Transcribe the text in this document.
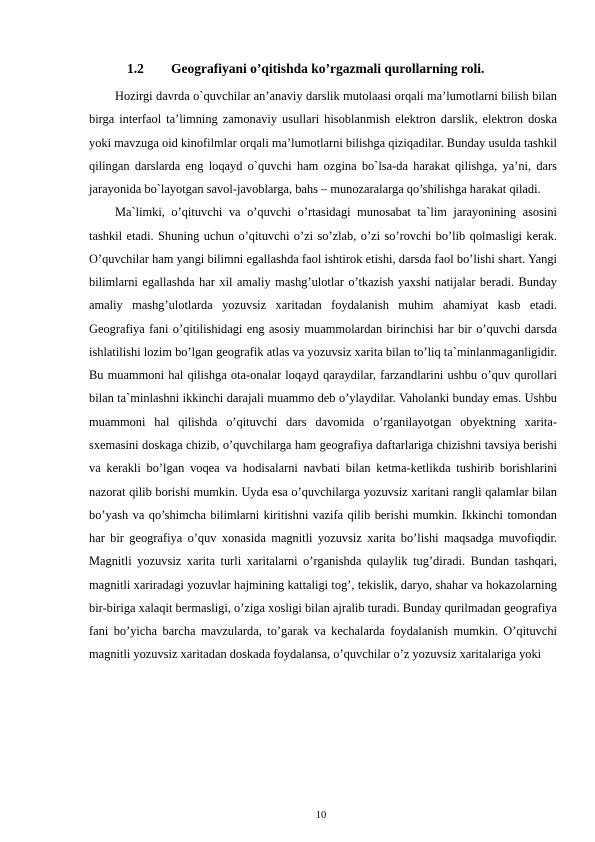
1.2 Geografiyani o’qitishda ko’rgazmali qurollarning roli.

Hozirgi davrda o`quvchilar an’anaviy darslik mutolaasi orqali ma’lumotlarni bilish bilan birga interfaol ta’limning zamonaviy usullari hisoblanmish elektron darslik, elektron doska yoki mavzuga oid kinofilmlar orqali ma’lumotlarni bilishga qiziqadilar. Bunday usulda tashkil qilingan darslarda eng loqayd o`quvchi ham ozgina bo`lsa-da harakat qilishga, ya’ni, dars jarayonida bo`layotgan savol-javoblarga, bahs – munozaralarga qo’shilishga harakat qiladi.

Ma`limki, o’qituvchi va o’quvchi o’rtasidagi munosabat ta`lim jarayonining asosini tashkil etadi. Shuning uchun o’qituvchi o’zi so’zlab, o’zi so’rovchi bo’lib qolmasligi kerak. O’quvchilar ham yangi bilimni egallashda faol ishtirok etishi, darsda faol bo’lishi shart. Yangi bilimlarni egallashda har xil amaliy mashg’ulotlar o’tkazish yaxshi natijalar beradi. Bunday amaliy mashg’ulotlarda yozuvsiz xaritadan foydalanish muhim ahamiyat kasb etadi. Geografiya fani o’qitilishidagi eng asosiy muammolardan birinchisi har bir o’quvchi darsda ishlatilishi lozim bo’lgan geografik atlas va yozuvsiz xarita bilan to’liq ta`minlanmaganligidir. Bu muammoni hal qilishga ota-onalar loqayd qaraydilar, farzandlarini ushbu o’quv qurollari bilan ta`minlashni ikkinchi darajali muammo deb o’ylaydilar. Vaholanki bunday emas. Ushbu muammoni hal qilishda o’qituvchi dars davomida o’rganilayotgan obyektning xarita-sxemasini doskaga chizib, o’quvchilarga ham geografiya daftarlariga chizishni tavsiya berishi va kerakli bo’lgan voqea va hodisalarni navbati bilan ketma-ketlikda tushirib borishlarini nazorat qilib borishi mumkin. Uyda esa o’quvchilarga yozuvsiz xaritani rangli qalamlar bilan bo’yash va qo’shimcha bilimlarni kiritishni vazifa qilib berishi mumkin. Ikkinchi tomondan har bir geografiya o’quv xonasida magnitli yozuvsiz xarita bo’lishi maqsadga muvofiqdir. Magnitli yozuvsiz xarita turli xaritalarni o’rganishda qulaylik tug’diradi. Bundan tashqari, magnitli xariradagi yozuvlar hajmining kattaligi tog’, tekislik, daryo, shahar va hokazolarning bir-biriga xalaqit bermasligi, o’ziga xosligi bilan ajralib turadi. Bunday qurilmadan geografiya fani bo’yicha barcha mavzularda, to’garak va kechalarda foydalanish mumkin. O’qituvchi magnitli yozuvsiz xaritadan doskada foydalansa, o’quvchilar o’z yozuvsiz xaritalariga yoki

10
